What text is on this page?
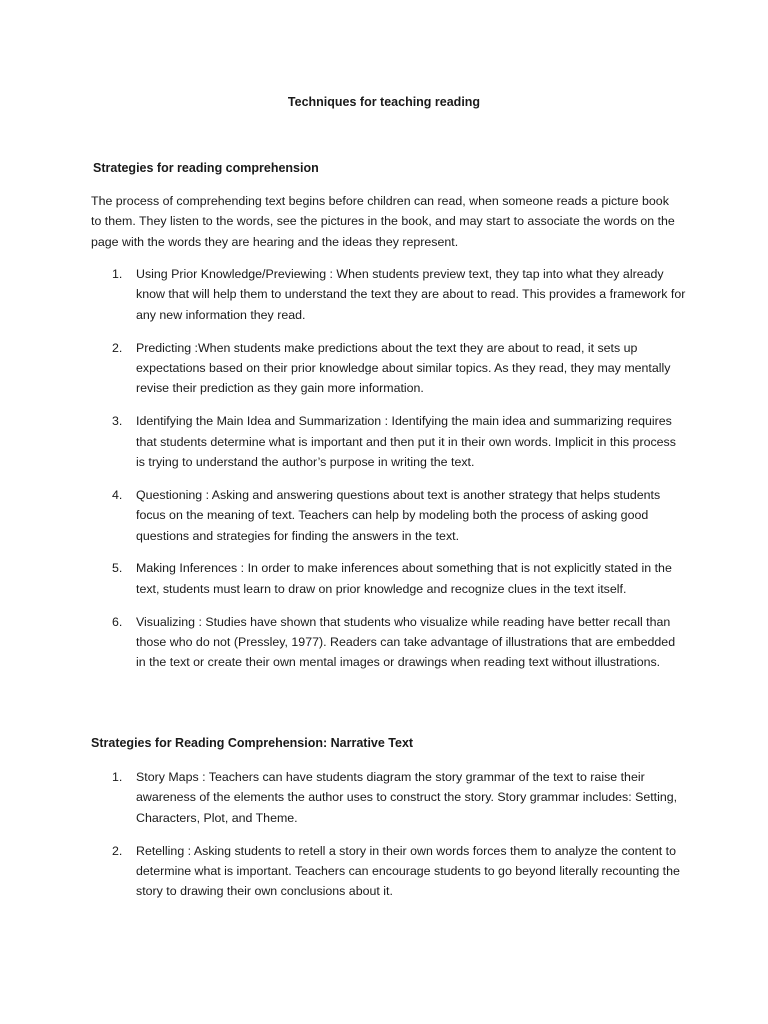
Techniques for teaching reading
Strategies for reading comprehension

The process of comprehending text begins before children can read, when someone reads a picture book to them. They listen to the words, see the pictures in the book, and may start to associate the words on the page with the words they are hearing and the ideas they represent.

1. Using Prior Knowledge/Previewing : When students preview text, they tap into what they already know that will help them to understand the text they are about to read. This provides a framework for any new information they read.
2. Predicting :When students make predictions about the text they are about to read, it sets up expectations based on their prior knowledge about similar topics. As they read, they may mentally revise their prediction as they gain more information.
3. Identifying the Main Idea and Summarization : Identifying the main idea and summarizing requires that students determine what is important and then put it in their own words. Implicit in this process is trying to understand the author’s purpose in writing the text.
4. Questioning : Asking and answering questions about text is another strategy that helps students focus on the meaning of text. Teachers can help by modeling both the process of asking good questions and strategies for finding the answers in the text.
5. Making Inferences : In order to make inferences about something that is not explicitly stated in the text, students must learn to draw on prior knowledge and recognize clues in the text itself.
6. Visualizing : Studies have shown that students who visualize while reading have better recall than those who do not (Pressley, 1977). Readers can take advantage of illustrations that are embedded in the text or create their own mental images or drawings when reading text without illustrations.
Strategies for Reading Comprehension: Narrative Text
1. Story Maps : Teachers can have students diagram the story grammar of the text to raise their awareness of the elements the author uses to construct the story. Story grammar includes: Setting, Characters, Plot, and Theme.
2. Retelling : Asking students to retell a story in their own words forces them to analyze the content to determine what is important. Teachers can encourage students to go beyond literally recounting the story to drawing their own conclusions about it.
